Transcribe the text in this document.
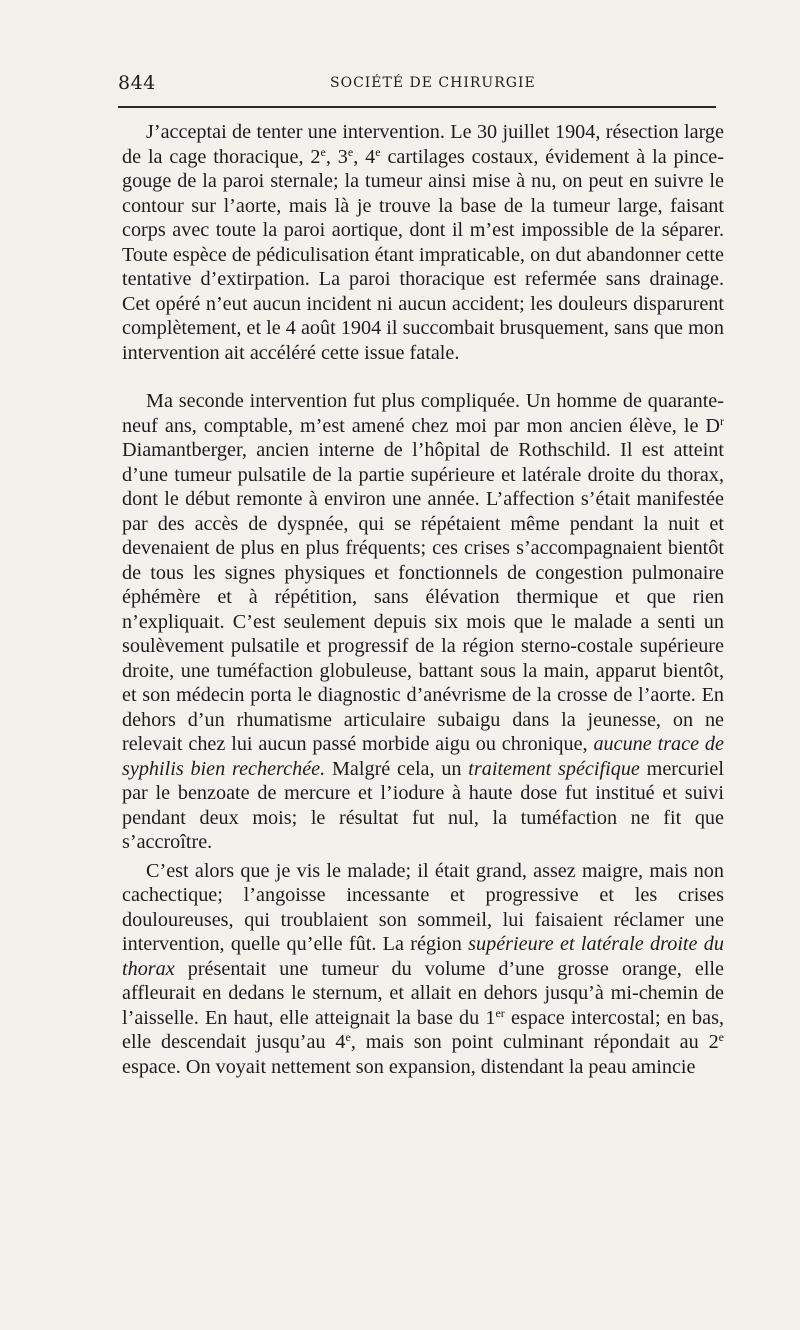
844	SOCIÉTÉ DE CHIRURGIE

J’acceptai de tenter une intervention. Le 30 juillet 1904, résection large de la cage thoracique, 2e, 3e, 4e cartilages costaux, évidement à la pince-gouge de la paroi sternale; la tumeur ainsi mise à nu, on peut en suivre le contour sur l’aorte, mais là je trouve la base de la tumeur large, faisant corps avec toute la paroi aortique, dont il m’est impossible de la séparer. Toute espèce de pédiculisation étant impraticable, on dut abandonner cette tentative d’extirpation. La paroi thoracique est refermée sans drainage. Cet opéré n’eut aucun incident ni aucun accident; les douleurs disparurent complètement, et le 4 août 1904 il succombait brusquement, sans que mon intervention ait accéléré cette issue fatale.

Ma seconde intervention fut plus compliquée. Un homme de quarante-neuf ans, comptable, m’est amené chez moi par mon ancien élève, le $D^r$ Diamantberger, ancien interne de l’hôpital de Rothschild. Il est atteint d’une tumeur pulsatile de la partie supérieure et latérale droite du thorax, dont le début remonte à environ une année. L’affection s’était manifestée par des accès de dyspnée, qui se répétaient même pendant la nuit et devenaient de plus en plus fréquents; ces crises s’accompagnaient bientôt de tous les signes physiques et fonctionnels de congestion pulmonaire éphémère et à répétition, sans élévation thermique et que rien n’expliquait. C’est seulement depuis six mois que le malade a senti un soulèvement pulsatile et progressif de la région sterno-costale supérieure droite, une tuméfaction globuleuse, battant sous la main, apparut bientôt, et son médecin porta le diagnostic d’anévrisme de la crosse de l’aorte. En dehors d’un rhumatisme articulaire subaigu dans la jeunesse, on ne relevait chez lui aucun passé morbide aigu ou chronique, aucune trace de syphilis bien recherchée. Malgré cela, un traitement spécifique mercuriel par le benzoate de mercure et l’iodure à haute dose fut institué et suivi pendant deux mois; le résultat fut nul, la tuméfaction ne fit que s’accroître.

C’est alors que je vis le malade; il était grand, assez maigre, mais non cachectique; l’angoisse incessante et progressive et les crises douloureuses, qui troublaient son sommeil, lui faisaient réclamer une intervention, quelle qu’elle fût. La région supérieure et latérale droite du thorax présentait une tumeur du volume d’une grosse orange, elle affleurait en dedans le sternum, et allait en dehors jusqu’à mi-chemin de l’aisselle. En haut, elle atteignait la base du 1er espace intercostal; en bas, elle descendait jusqu’au 4e, mais son point culminant répondait au 2e espace. On voyait nettement son expansion, distendant la peau amincie
